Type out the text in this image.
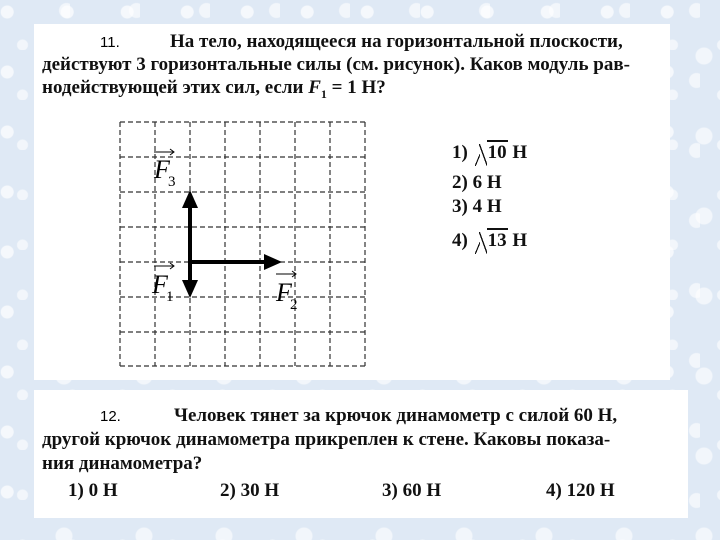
11.	На тело, находящееся на горизонтальной плоскости,
действуют 3 горизонтальные силы (см. рисунок). Каков модуль рав-
нодействующей этих сил, если $F_1 = 1$ Н?
F
3
F
1	F
2
1) 10 Н
2) 6 Н
3) 4 Н
4) 13 Н
12.	Человек тянет за крючок динамометр с силой 60 Н,
другой крючок динамометра прикреплен к стене. Каковы показа-
ния динамометра?
1) 0 Н	2) 30 Н	3) 60 Н	4) 120 Н
